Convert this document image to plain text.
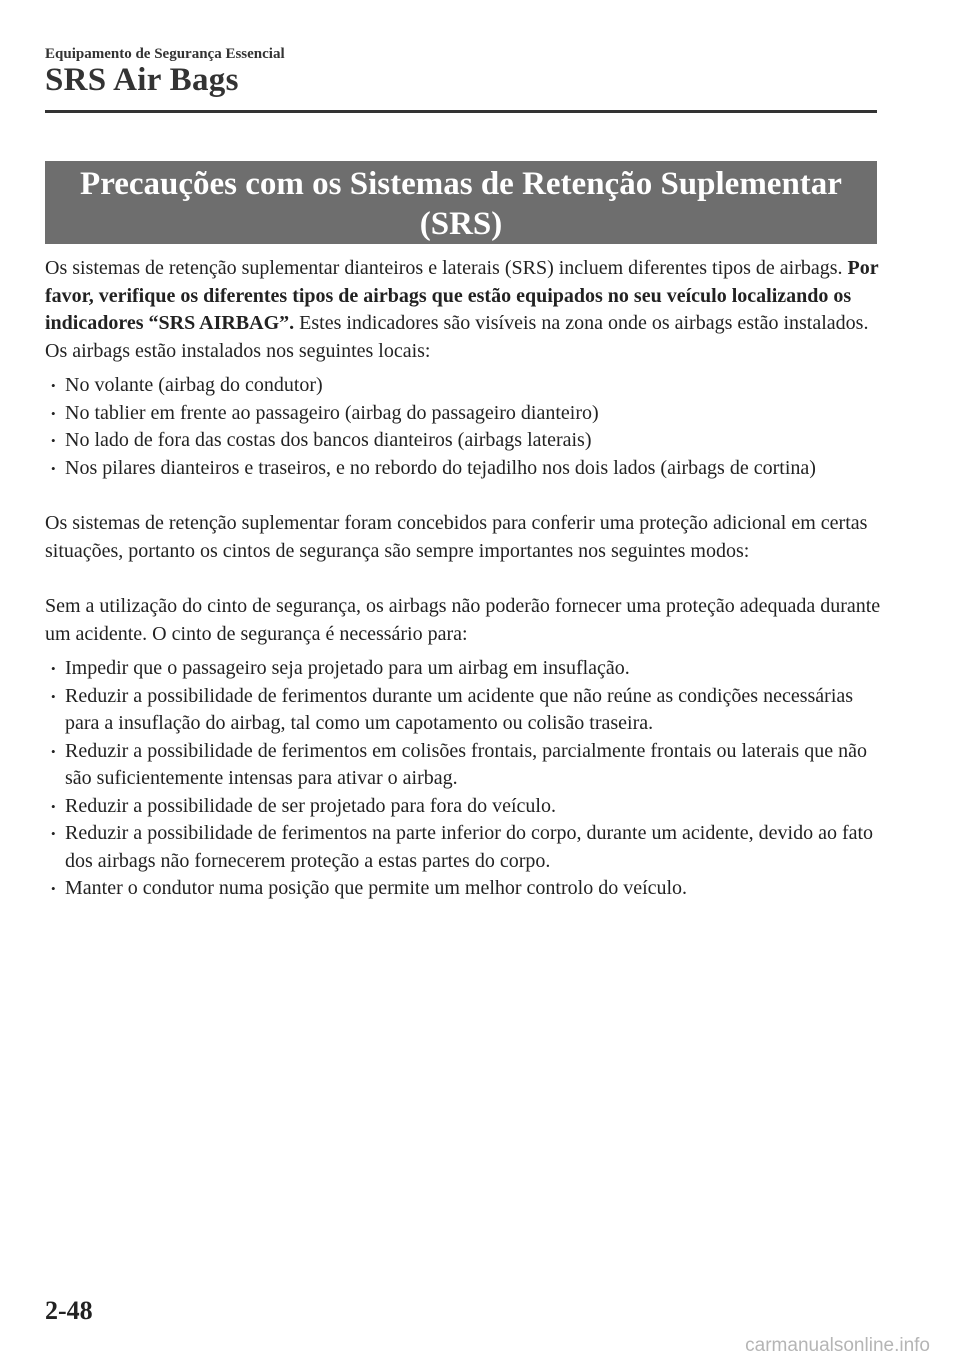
Equipamento de Segurança Essencial
SRS Air Bags
Precauções com os Sistemas de Retenção Suplementar
(SRS)

Os sistemas de retenção suplementar dianteiros e laterais (SRS) incluem diferentes tipos de airbags. Por favor, verifique os diferentes tipos de airbags que estão equipados no seu veículo localizando os indicadores “SRS AIRBAG”. Estes indicadores são visíveis na zona onde os airbags estão instalados.

Os airbags estão instalados nos seguintes locais:

• No volante (airbag do condutor)
• No tablier em frente ao passageiro (airbag do passageiro dianteiro)
• No lado de fora das costas dos bancos dianteiros (airbags laterais)
• Nos pilares dianteiros e traseiros, e no rebordo do tejadilho nos dois lados (airbags de cortina)

Os sistemas de retenção suplementar foram concebidos para conferir uma proteção adicional em certas situações, portanto os cintos de segurança são sempre importantes nos seguintes modos:

Sem a utilização do cinto de segurança, os airbags não poderão fornecer uma proteção adequada durante um acidente. O cinto de segurança é necessário para:

• Impedir que o passageiro seja projetado para um airbag em insuflação.
• Reduzir a possibilidade de ferimentos durante um acidente que não reúne as condições necessárias para a insuflação do airbag, tal como um capotamento ou colisão traseira.
• Reduzir a possibilidade de ferimentos em colisões frontais, parcialmente frontais ou laterais que não são suficientemente intensas para ativar o airbag.
• Reduzir a possibilidade de ser projetado para fora do veículo.
• Reduzir a possibilidade de ferimentos na parte inferior do corpo, durante um acidente, devido ao fato dos airbags não fornecerem proteção a estas partes do corpo.
• Manter o condutor numa posição que permite um melhor controlo do veículo.
2-48
carmanualsonline.info
